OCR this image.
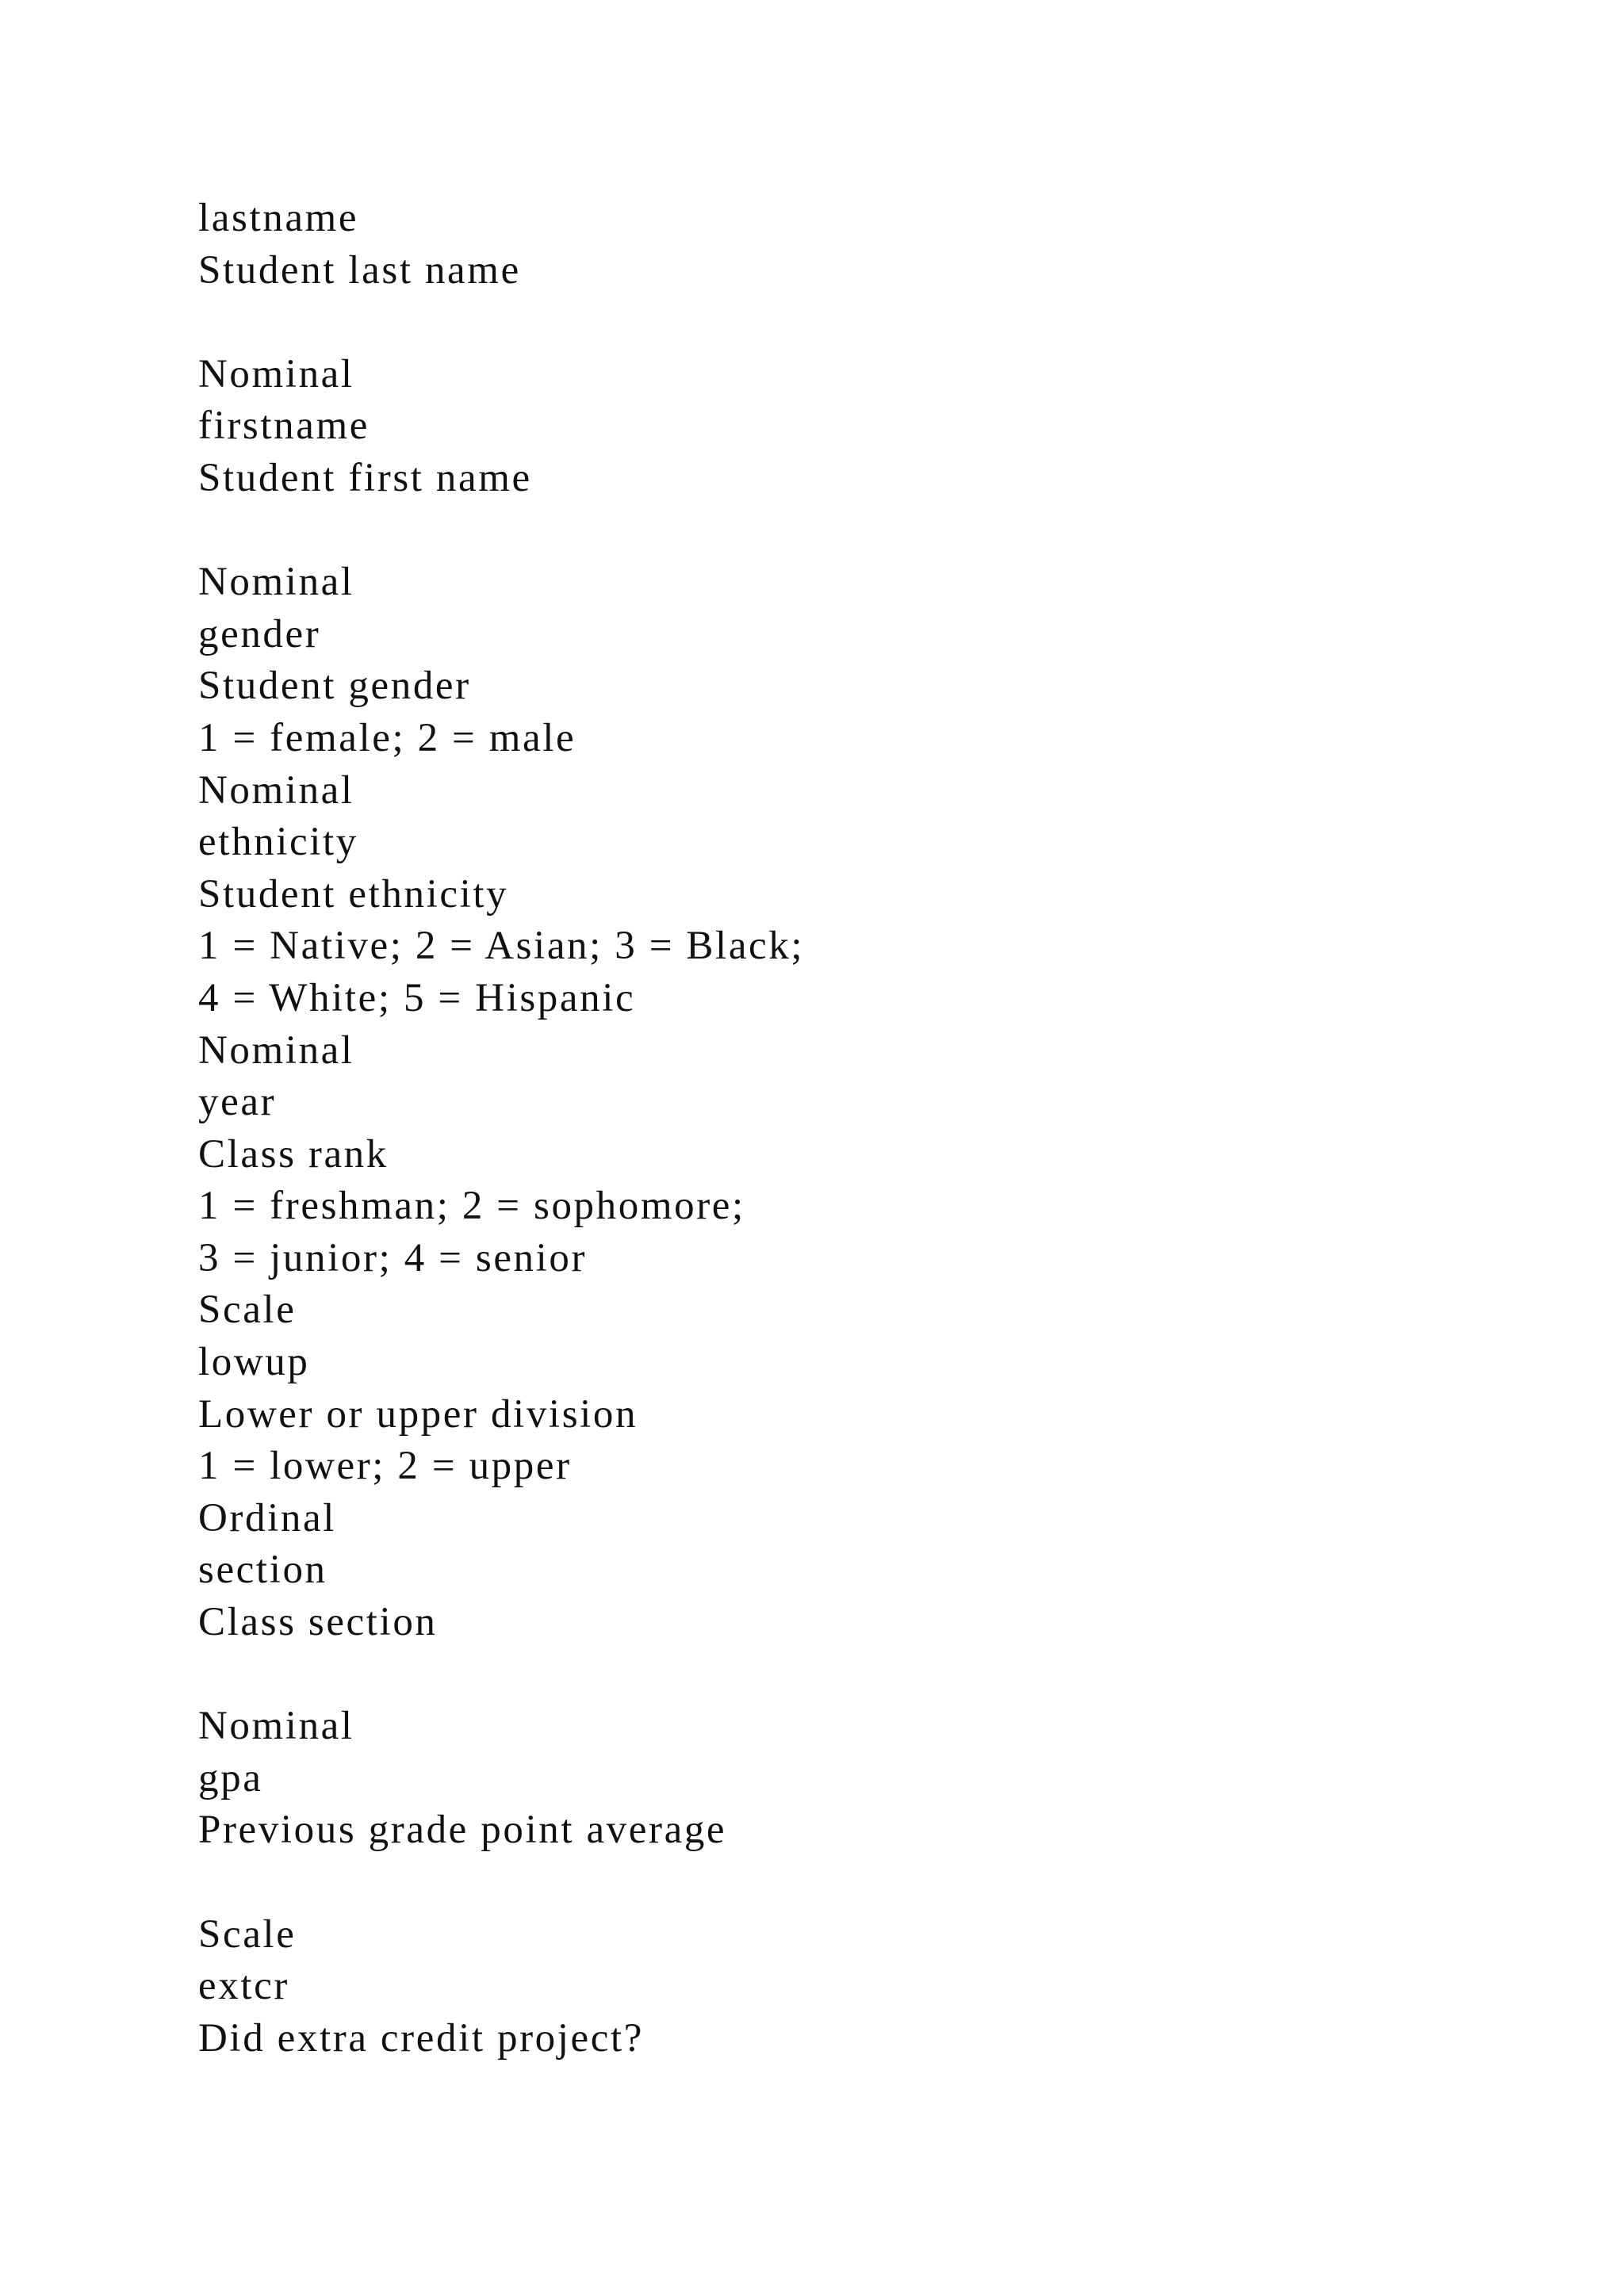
lastname

Student last name

Nominal

firstname

Student first name

Nominal

gender

Student gender

1 = female; 2 = male

Nominal

ethnicity

Student ethnicity

1 = Native; 2 = Asian; 3 = Black;

4 = White; 5 = Hispanic

Nominal

year

Class rank

1 = freshman; 2 = sophomore;

3 = junior; 4 = senior

Scale

lowup

Lower or upper division

1 = lower; 2 = upper

Ordinal

section

Class section

Nominal

gpa

Previous grade point average

Scale

extcr

Did extra credit project?
